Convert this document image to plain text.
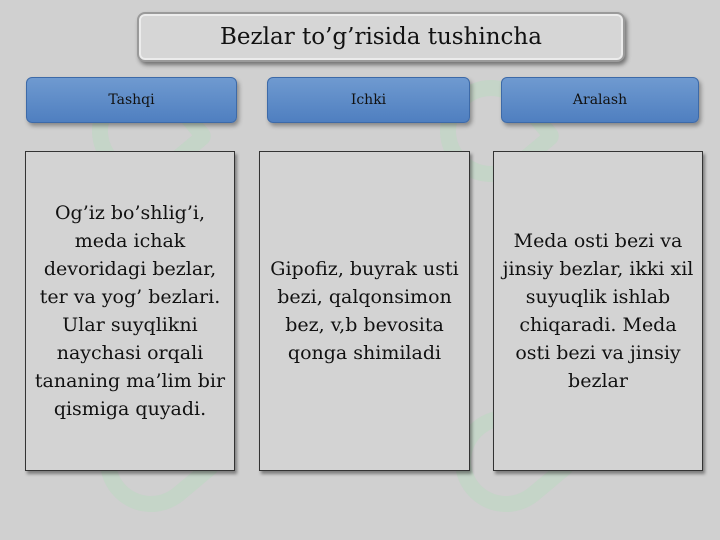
Bezlar to’g’risida tushincha
Tashqi	Ichki	Aralash
Og’iz bo’shlig’i, meda ichak devoridagi bezlar, ter va yog’ bezlari. Ular suyqlikni naychasi orqali tananing ma’lim bir qismiga quyadi.
Gipofiz, buyrak usti bezi, qalqonsimon bez, v,b bevosita qonga shimiladi
Meda osti bezi va jinsiy bezlar, ikki xil suyuqlik ishlab chiqaradi. Meda osti bezi va jinsiy bezlar
